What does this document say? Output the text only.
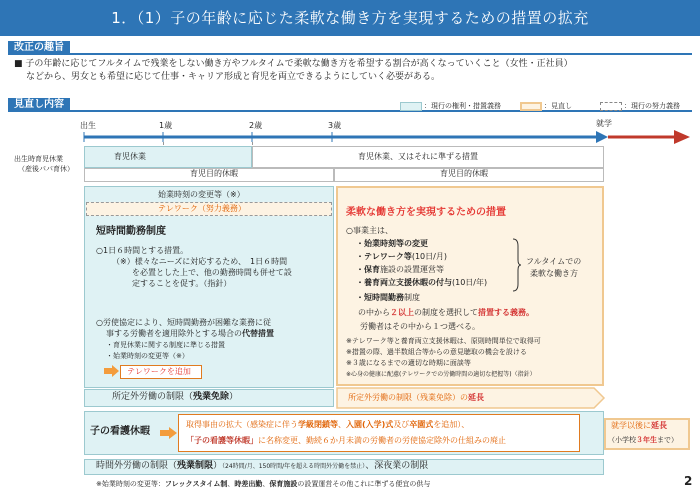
1．（1）子の年齢に応じた柔軟な働き方を実現するための措置の拡充
改正の趣旨
■ 子の年齢に応じてフルタイムで残業をしない働き方やフルタイムで柔軟な働き方を希望する割合が高くなっていくこと（女性・正社員）
などから、男女とも希望に応じて仕事・キャリア形成と育児を両立できるようにしていく必要がある。
見直し内容	：現行の権利・措置義務	：見直し	：現行の努力義務
出生	1歳	2歳	3歳	就学
出生時育児休業
（産後パパ育休）
育児休業	育児休業、又はそれに準ずる措置
育児目的休暇	育児目的休暇
始業時刻の変更等（※）
テレワーク（努力義務）
短時間勤務制度
○1日６時間とする措置。
（※）様々なニーズに対応するため、　1日６時間
を必置とした上で、他の勤務時間も併せて設
定することを促す。（指針）
○労使協定により、短時間勤務が困難な業務に従
事する労働者を適用除外とする場合の代替措置
・育児休業に関する制度に準じる措置
・始業時刻の変更等（※）
テレワークを追加
柔軟な働き方を実現するための措置
○事業主は、
・始業時刻等の変更
・テレワーク等(10日/月)
・保育施設の設置運営等
・養育両立支援休暇の付与(10日/年)
・短時間勤務制度
フルタイムでの
柔軟な働き方
の中から２以上の制度を選択して措置する義務。
労働者はその中から１つ選べる。
※テレワーク等と養育両立支援休暇は、原則時間単位で取得可
※措置の際、過半数組合等からの意見聴取の機会を設ける
※３歳になるまでの適切な時期に面談等
※心身の健康に配慮(テレワークでの労働時間の適切な把握等)（指針）
所定外労働の制限（残業免除）	所定外労働の制限（残業免除）の延長
子の看護休暇
取得事由の拡大（感染症に伴う学級閉鎖等、入園(入学)式及び卒園式を追加）、
「子の看護等休暇」に名称変更、勤続６か月未満の労働者の労使協定除外の仕組みの廃止
就学以後に延長
（小学校３年生まで）
時間外労働の制限（残業制限）（24時間/月、150時間/年を超える時間外労働を禁止）、深夜業の制限
※始業時刻の変更等：フレックスタイム制、時差出勤、保育施設の設置運営その他これに準ずる便宜の供与	2
